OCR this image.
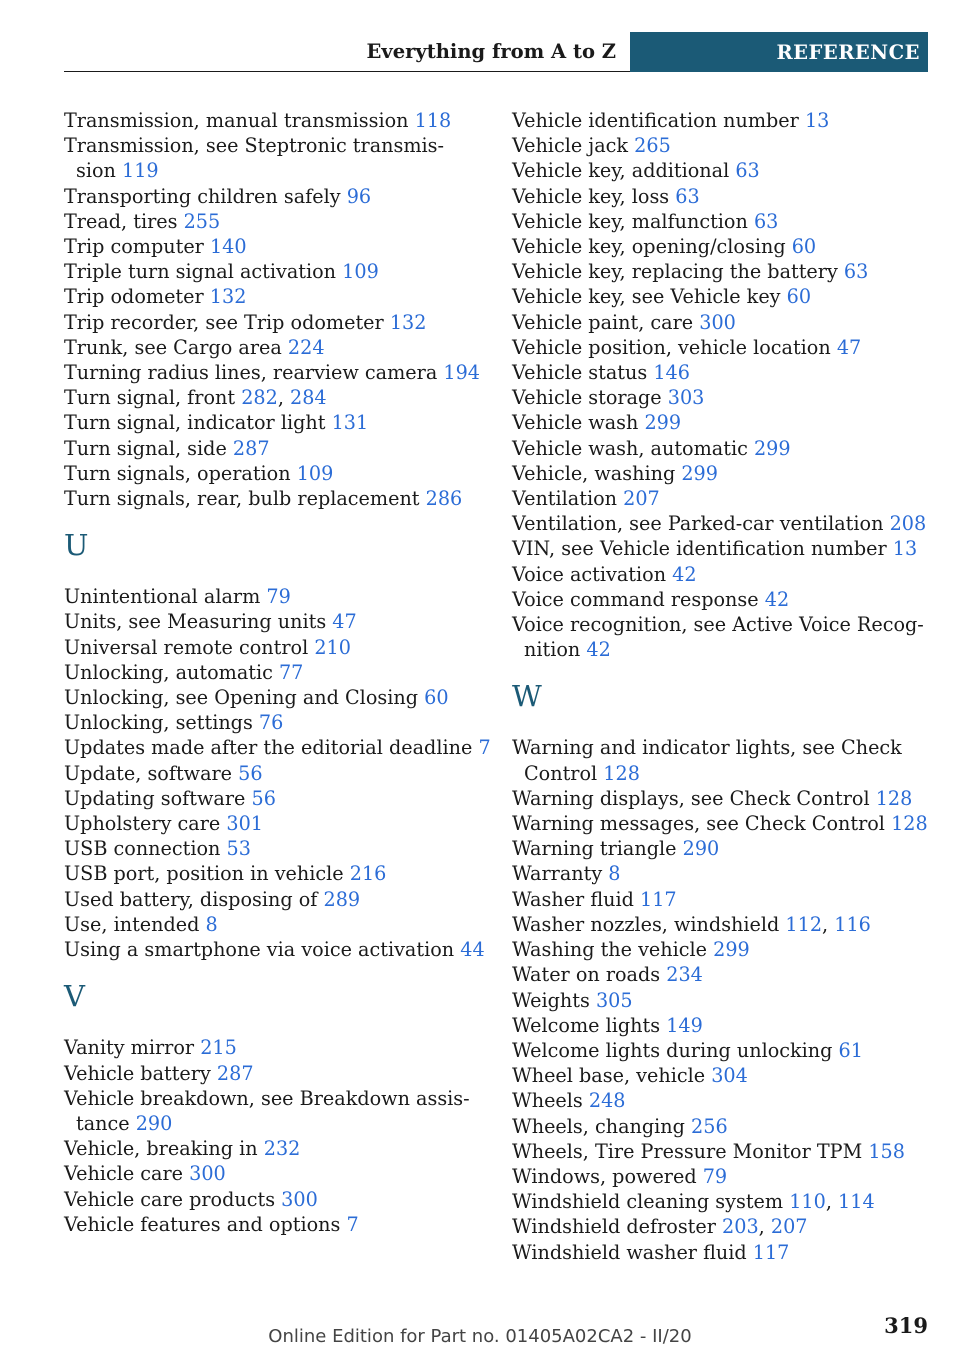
Everything from A to Z	REFERENCE
Transmission, manual transmission 118
Transmission, see Steptronic transmis-
sion 119
Transporting children safely 96
Tread, tires 255
Trip computer 140
Triple turn signal activation 109
Trip odometer 132
Trip recorder, see Trip odometer 132
Trunk, see Cargo area 224
Turning radius lines, rearview camera 194
Turn signal, front 282, 284
Turn signal, indicator light 131
Turn signal, side 287
Turn signals, operation 109
Turn signals, rear, bulb replacement 286
U
Unintentional alarm 79
Units, see Measuring units 47
Universal remote control 210
Unlocking, automatic 77
Unlocking, see Opening and Closing 60
Unlocking, settings 76
Updates made after the editorial deadline 7
Update, software 56
Updating software 56
Upholstery care 301
USB connection 53
USB port, position in vehicle 216
Used battery, disposing of 289
Use, intended 8
Using a smartphone via voice activation 44
V
Vanity mirror 215
Vehicle battery 287
Vehicle breakdown, see Breakdown assis-
tance 290
Vehicle, breaking in 232
Vehicle care 300
Vehicle care products 300
Vehicle features and options 7
Vehicle identification number 13
Vehicle jack 265
Vehicle key, additional 63
Vehicle key, loss 63
Vehicle key, malfunction 63
Vehicle key, opening/closing 60
Vehicle key, replacing the battery 63
Vehicle key, see Vehicle key 60
Vehicle paint, care 300
Vehicle position, vehicle location 47
Vehicle status 146
Vehicle storage 303
Vehicle wash 299
Vehicle wash, automatic 299
Vehicle, washing 299
Ventilation 207
Ventilation, see Parked-car ventilation 208
VIN, see Vehicle identification number 13
Voice activation 42
Voice command response 42
Voice recognition, see Active Voice Recog-
nition 42
W
Warning and indicator lights, see Check
Control 128
Warning displays, see Check Control 128
Warning messages, see Check Control 128
Warning triangle 290
Warranty 8
Washer fluid 117
Washer nozzles, windshield 112, 116
Washing the vehicle 299
Water on roads 234
Weights 305
Welcome lights 149
Welcome lights during unlocking 61
Wheel base, vehicle 304
Wheels 248
Wheels, changing 256
Wheels, Tire Pressure Monitor TPM 158
Windows, powered 79
Windshield cleaning system 110, 114
Windshield defroster 203, 207
Windshield washer fluid 117
319
Online Edition for Part no. 01405A02CA2 - II/20
